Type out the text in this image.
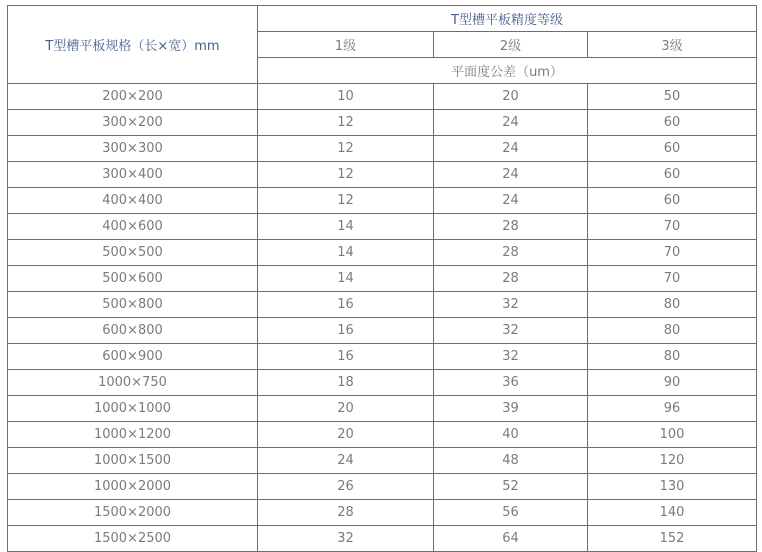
T型槽平板规格（长×宽）mm	T型槽平板精度等级		
	1级	2级	3级
	平面度公差（um）		
200×200	10	20	50
300×200	12	24	60
300×300	12	24	60
300×400	12	24	60
400×400	12	24	60
400×600	14	28	70
500×500	14	28	70
500×600	14	28	70
500×800	16	32	80
600×800	16	32	80
600×900	16	32	80
1000×750	18	36	90
1000×1000	20	39	96
1000×1200	20	40	100
1000×1500	24	48	120
1000×2000	26	52	130
1500×2000	28	56	140
1500×2500	32	64	152
